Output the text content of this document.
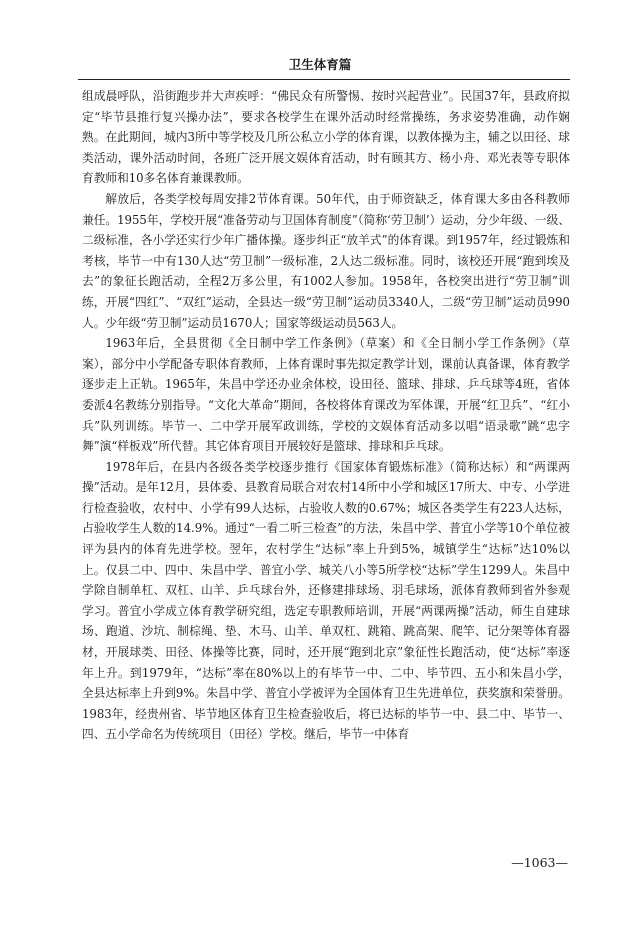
卫生体育篇

组成晨呼队，沿街跑步并大声疾呼：“佛民众有所警惕、按时兴起营业”。民国37年，县政府拟定“毕节县推行复兴操办法”，要求各校学生在课外活动时经常操练，务求姿势准确，动作娴熟。在此期间，城内3所中等学校及几所公私立小学的体育课，以教体操为主，辅之以田径、球类活动，课外活动时间，各班广泛开展文娱体育活动，时有顾其方、杨小舟、邓光表等专职体育教师和10多名体育兼课教师。

解放后，各类学校每周安排2节体育课。50年代，由于师资缺乏，体育课大多由各科教师兼任。1955年，学校开展“准备劳动与卫国体育制度”（简称‘劳卫制’）运动，分少年级、一级、二级标准，各小学还实行少年广播体操。逐步纠正“放羊式”的体育课。到1957年，经过锻炼和考核，毕节一中有130人达“劳卫制”一级标准，2人达二级标准。同时，该校还开展“跑到埃及去”的象征长跑活动，全程2万多公里，有1002人参加。1958年，各校突出进行“劳卫制”训练，开展“四红”、“双红”运动，全县达一级“劳卫制”运动员3340人，二级“劳卫制”运动员990人。少年级“劳卫制”运动员1670人；国家等级运动员563人。

1963年后，全县贯彻《全日制中学工作条例》（草案）和《全日制小学工作条例》（草案），部分中小学配备专职体育教师，上体育课时事先拟定教学计划，课前认真备课，体育教学逐步走上正轨。1965年，朱昌中学还办业余体校，设田径、篮球、排球、乒乓球等4班，省体委派4名教练分别指导。“文化大革命”期间，各校将体育课改为军体课，开展“红卫兵”、“红小兵”队列训练。毕节一、二中学开展军政训练，学校的文娱体育活动多以唱“语录歌”跳“忠字舞”演“样板戏”所代替。其它体育项目开展较好是篮球、排球和乒乓球。

1978年后，在县内各级各类学校逐步推行《国家体育锻炼标准》（简称达标）和“两课两操”活动。是年12月，县体委、县教育局联合对农村14所中小学和城区17所大、中专、小学进行检查验收，农村中、小学有99人达标，占验收人数的0.67%；城区各类学生有223人达标，占验收学生人数的14.9%。通过“一看二听三检查”的方法，朱昌中学、普宜小学等10个单位被评为县内的体育先进学校。翌年，农村学生“达标”率上升到5%，城镇学生“达标”达10%以上。仅县二中、四中、朱昌中学、普宜小学、城关八小等5所学校“达标”学生1299人。朱昌中学除自制单杠、双杠、山羊、乒乓球台外，还修建排球场、羽毛球场，派体育教师到省外参观学习。普宜小学成立体育教学研究组，选定专职教师培训，开展“两课两操”活动，师生自建球场、跑道、沙坑、制棕绳、垫、木马、山羊、单双杠、跳箱、跳高架、爬竿、记分架等体育器材，开展球类、田径、体操等比赛，同时，还开展“跑到北京”象征性长跑活动，使“达标”率逐年上升。到1979年，“达标”率在80%以上的有毕节一中、二中、毕节四、五小和朱昌小学，全县达标率上升到9%。朱昌中学、普宜小学被评为全国体育卫生先进单位，获奖旗和荣誉册。1983年，经贵州省、毕节地区体育卫生检查验收后，将已达标的毕节一中、县二中、毕节一、四、五小学命名为传统项目（田径）学校。继后，毕节一中体育

—1063—
